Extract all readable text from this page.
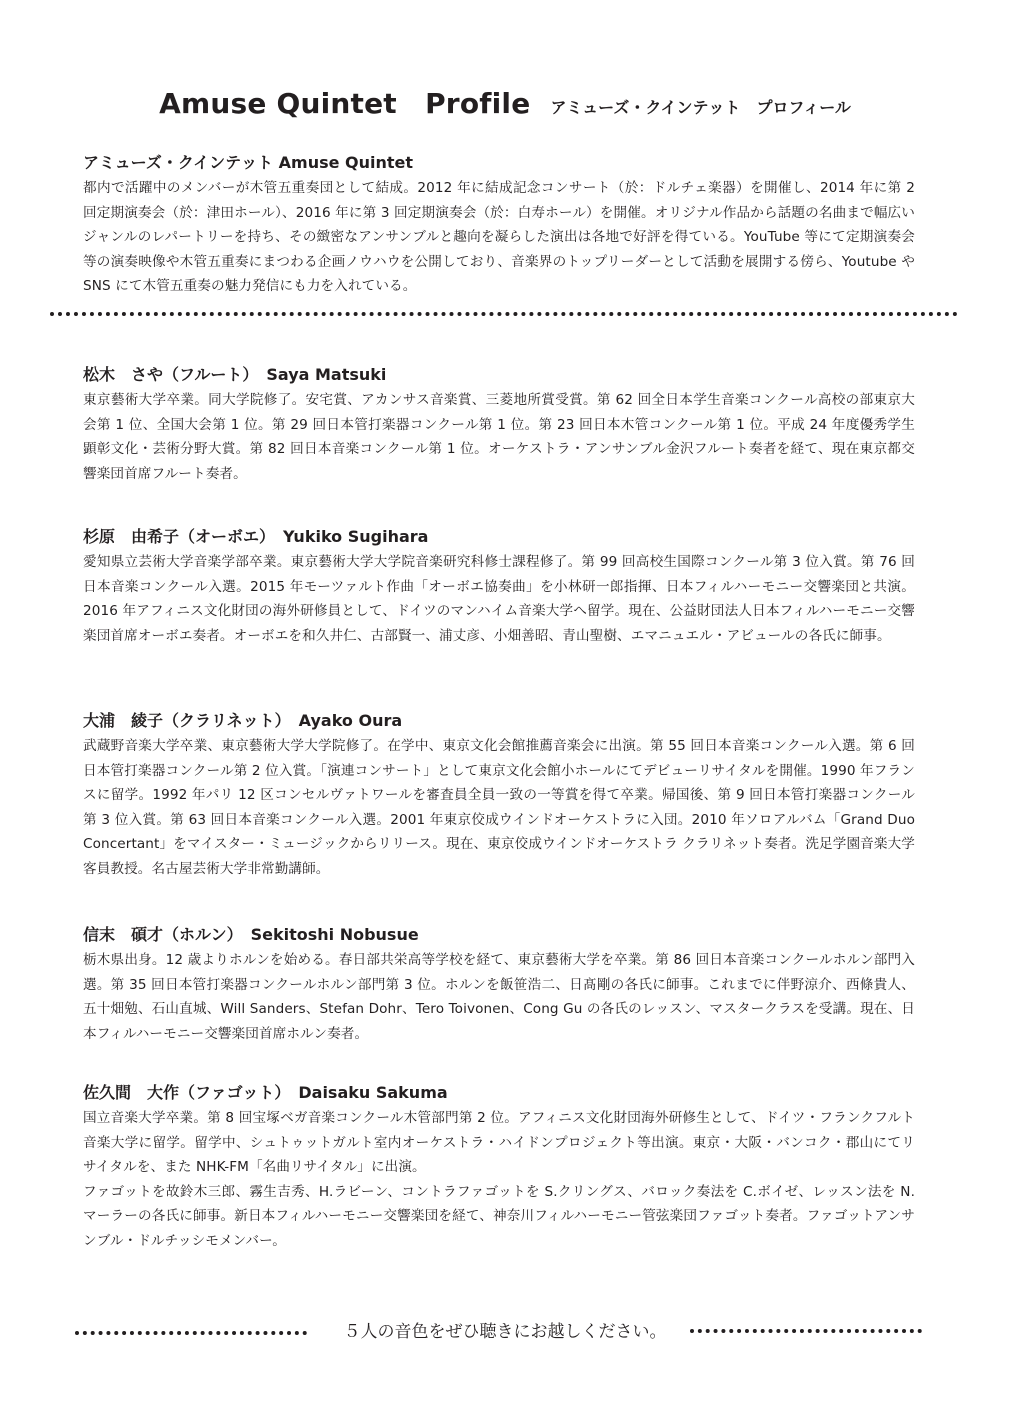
Amuse Quintet　Profile アミューズ・クインテット　プロフィール
アミューズ・クインテット Amuse Quintet

都内で活躍中のメンバーが木管五重奏団として結成。2012 年に結成記念コンサート（於：ドルチェ楽器）を開催し、2014 年に第 2 回定期演奏会（於：津田ホール）、2016 年に第 3 回定期演奏会（於：白寿ホール）を開催。オリジナル作品から話題の名曲まで幅広いジャンルのレパートリーを持ち、その緻密なアンサンブルと趣向を凝らした演出は各地で好評を得ている。YouTube 等にて定期演奏会等の演奏映像や木管五重奏にまつわる企画ノウハウを公開しており、音楽界のトップリーダーとして活動を展開する傍ら、Youtube や SNS にて木管五重奏の魅力発信にも力を入れている。

松木　さや（フルート）　Saya Matsuki

東京藝術大学卒業。同大学院修了。安宅賞、アカンサス音楽賞、三菱地所賞受賞。第 62 回全日本学生音楽コンクール高校の部東京大会第 1 位、全国大会第 1 位。第 29 回日本管打楽器コンクール第 1 位。第 23 回日本木管コンクール第 1 位。平成 24 年度優秀学生顕彰文化・芸術分野大賞。第 82 回日本音楽コンクール第 1 位。オーケストラ・アンサンブル金沢フルート奏者を経て、現在東京都交響楽団首席フルート奏者。

杉原　由希子（オーボエ）　Yukiko Sugihara

愛知県立芸術大学音楽学部卒業。東京藝術大学大学院音楽研究科修士課程修了。第 99 回高校生国際コンクール第 3 位入賞。第 76 回日本音楽コンクール入選。2015 年モーツァルト作曲「オーボエ協奏曲」を小林研一郎指揮、日本フィルハーモニー交響楽団と共演。2016 年アフィニス文化財団の海外研修員として、ドイツのマンハイム音楽大学へ留学。現在、公益財団法人日本フィルハーモニー交響楽団首席オーボエ奏者。オーボエを和久井仁、古部賢一、浦丈彦、小畑善昭、青山聖樹、エマニュエル・アビュールの各氏に師事。

大浦　綾子（クラリネット）　Ayako Oura

武蔵野音楽大学卒業、東京藝術大学大学院修了。在学中、東京文化会館推薦音楽会に出演。第 55 回日本音楽コンクール入選。第 6 回日本管打楽器コンクール第 2 位入賞。「演連コンサート」として東京文化会館小ホールにてデビューリサイタルを開催。1990 年フランスに留学。1992 年パリ 12 区コンセルヴァトワールを審査員全員一致の一等賞を得て卒業。帰国後、第 9 回日本管打楽器コンクール第 3 位入賞。第 63 回日本音楽コンクール入選。2001 年東京佼成ウインドオーケストラに入団。2010 年ソロアルバム「Grand Duo Concertant」をマイスター・ミュージックからリリース。現在、東京佼成ウインドオーケストラ クラリネット奏者。洗足学園音楽大学客員教授。名古屋芸術大学非常勤講師。

信末　碩才（ホルン）　Sekitoshi Nobusue

栃木県出身。12 歳よりホルンを始める。春日部共栄高等学校を経て、東京藝術大学を卒業。第 86 回日本音楽コンクールホルン部門入選。第 35 回日本管打楽器コンクールホルン部門第 3 位。ホルンを飯笹浩二、日髙剛の各氏に師事。これまでに伴野涼介、西條貴人、五十畑勉、石山直城、Will Sanders、Stefan Dohr、Tero Toivonen、Cong Gu の各氏のレッスン、マスタークラスを受講。現在、日本フィルハーモニー交響楽団首席ホルン奏者。

佐久間　大作（ファゴット）　Daisaku Sakuma

国立音楽大学卒業。第 8 回宝塚ベガ音楽コンクール木管部門第 2 位。アフィニス文化財団海外研修生として、ドイツ・フランクフルト音楽大学に留学。留学中、シュトゥットガルト室内オーケストラ・ハイドンプロジェクト等出演。東京・大阪・バンコク・郡山にてリサイタルを、また NHK-FM「名曲リサイタル」に出演。

ファゴットを故鈴木三郎、霧生吉秀、H.ラビーン、コントラファゴットを S.クリングス、バロック奏法を C.ボイゼ、レッスン法を N.マーラーの各氏に師事。新日本フィルハーモニー交響楽団を経て、神奈川フィルハーモニー管弦楽団ファゴット奏者。ファゴットアンサンブル・ドルチッシモメンバー。

５人の音色をぜひ聴きにお越しください。
